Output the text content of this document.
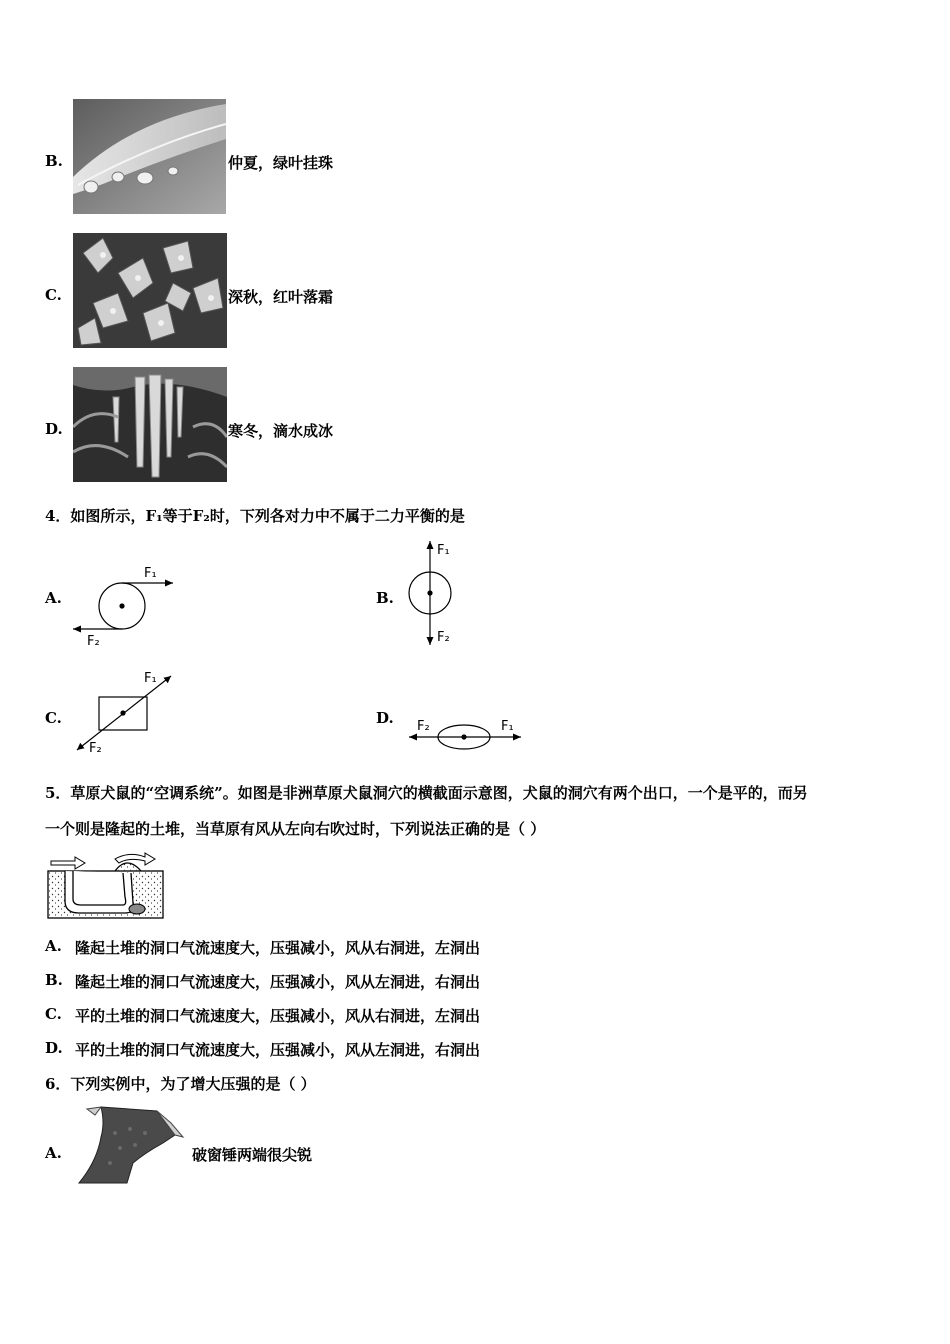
B.	仲夏，绿叶挂珠
C.	深秋，红叶落霜
D.	寒冬，滴水成冰
4．如图所示，F₁等于F₂时，下列各对力中不属于二力平衡的是
A.
F₁
F₂
B.
F₁
F₂
C.
F₁
F₂
D. F₂	F₁
5．草原犬鼠的“空调系统”。如图是非洲草原犬鼠洞穴的横截面示意图，犬鼠的洞穴有两个出口，一个是平的，而另
一个则是隆起的土堆，当草原有风从左向右吹过时，下列说法正确的是（ ）
A. 隆起土堆的洞口气流速度大，压强减小，风从右洞进，左洞出
B. 隆起土堆的洞口气流速度大，压强减小，风从左洞进，右洞出
C. 平的土堆的洞口气流速度大，压强减小，风从右洞进，左洞出
D. 平的土堆的洞口气流速度大，压强减小，风从左洞进，右洞出
6．下列实例中，为了增大压强的是（ ）
A.	破窗锤两端很尖锐
